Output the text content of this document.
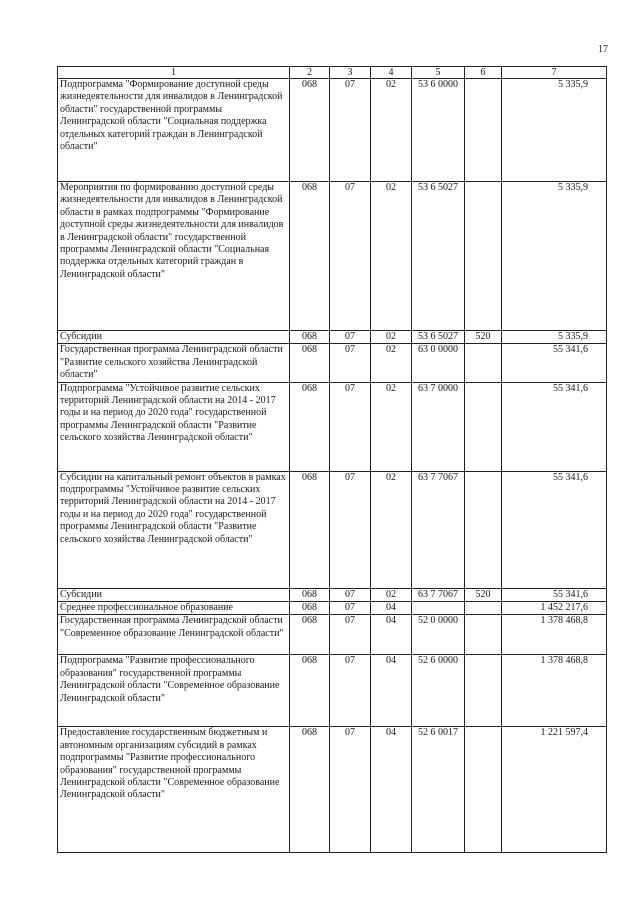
17
1	2	3	4	5	6	7
Подпрограмма "Формирование доступной среды жизнедеятельности для инвалидов в Ленинградской области" государственной программы Ленинградской области "Социальная поддержка отдельных категорий граждан в Ленинградской области"	068	07	02	53 6 0000		5 335,9
Мероприятия по формированию доступной среды жизнедеятельности для инвалидов в Ленинградской области в рамках подпрограммы "Формирование доступной среды жизнедеятельности для инвалидов в Ленинградской области" государственной программы Ленинградской области "Социальная поддержка отдельных категорий граждан в Ленинградской области"	068	07	02	53 6 5027		5 335,9
Субсидии	068	07	02	53 6 5027	520	5 335,9
Государственная программа Ленинградской области "Развитие сельского хозяйства Ленинградской области"	068	07	02	63 0 0000		55 341,6
Подпрограмма "Устойчивое развитие сельских территорий Ленинградской области на 2014 - 2017 годы и на период до 2020 года" государственной программы Ленинградской области "Развитие сельского хозяйства Ленинградской области"	068	07	02	63 7 0000		55 341,6
Субсидии на капитальный ремонт объектов в рамках подпрограммы "Устойчивое развитие сельских территорий Ленинградской области на 2014 - 2017 годы и на период до 2020 года" государственной программы Ленинградской области "Развитие сельского хозяйства Ленинградской области"	068	07	02	63 7 7067		55 341,6
Субсидии	068	07	02	63 7 7067	520	55 341,6
Среднее профессиональное образование	068	07	04			1 452 217,6
Государственная программа Ленинградской области "Современное образование Ленинградской области"	068	07	04	52 0 0000		1 378 468,8
Подпрограмма "Развитие профессионального образования" государственной программы Ленинградской области "Современное образование Ленинградской области"	068	07	04	52 6 0000		1 378 468,8
Предоставление государственным бюджетным и автономным организациям субсидий в рамках подпрограммы "Развитие профессионального образования" государственной программы Ленинградской области "Современное образование Ленинградской области"	068	07	04	52 6 0017		1 221 597,4
